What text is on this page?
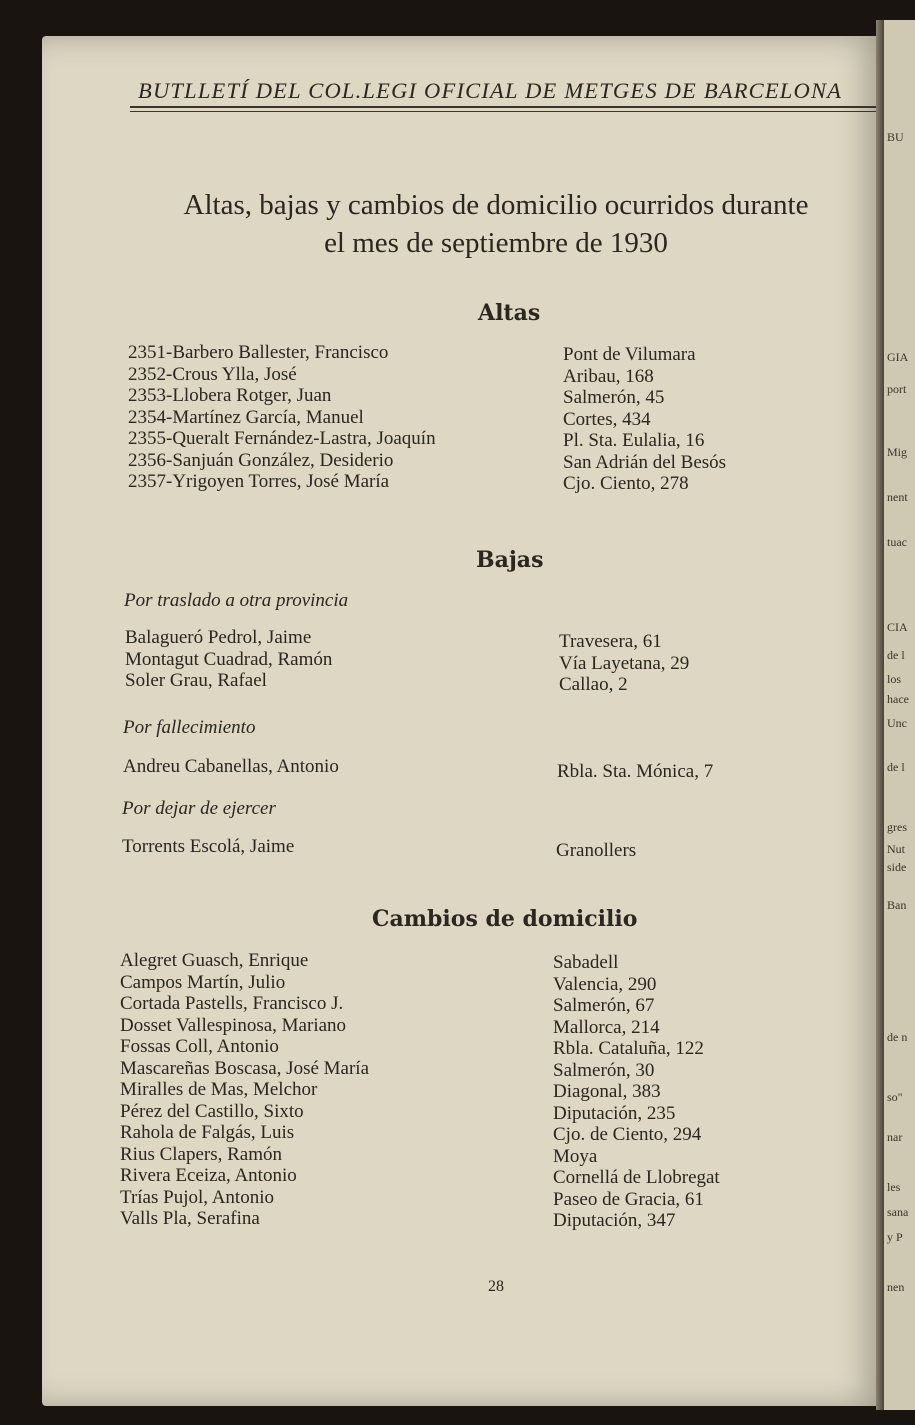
BU
GIA
port
Mig
nent
tuac
CIA
de l
los
hace
Unc
de l
gres
Nut
side
Ban
de n
so"
nar
les
sana
y P
nen
BUTLLETÍ DEL COL.LEGI OFICIAL DE METGES DE BARCELONA
Altas, bajas y cambios de domicilio ocurridos durante
el mes de septiembre de 1930
Altas
2351-Barbero Ballester, Francisco
2352-Crous Ylla, José
2353-Llobera Rotger, Juan
2354-Martínez García, Manuel
2355-Queralt Fernández-Lastra, Joaquín
2356-Sanjuán González, Desiderio
2357-Yrigoyen Torres, José María
Pont de Vilumara
Aribau, 168
Salmerón, 45
Cortes, 434
Pl. Sta. Eulalia, 16
San Adrián del Besós
Cjo. Ciento, 278
Bajas
Por traslado a otra provincia
Balagueró Pedrol, Jaime
Montagut Cuadrad, Ramón
Soler Grau, Rafael
Travesera, 61
Vía Layetana, 29
Callao, 2
Por fallecimiento
Andreu Cabanellas, Antonio	Rbla. Sta. Mónica, 7
Por dejar de ejercer
Torrents Escolá, Jaime	Granollers
Cambios de domicilio
Alegret Guasch, Enrique
Campos Martín, Julio
Cortada Pastells, Francisco J.
Dosset Vallespinosa, Mariano
Fossas Coll, Antonio
Mascareñas Boscasa, José María
Miralles de Mas, Melchor
Pérez del Castillo, Sixto
Rahola de Falgás, Luis
Rius Clapers, Ramón
Rivera Eceiza, Antonio
Trías Pujol, Antonio
Valls Pla, Serafina
Sabadell
Valencia, 290
Salmerón, 67
Mallorca, 214
Rbla. Cataluña, 122
Salmerón, 30
Diagonal, 383
Diputación, 235
Cjo. de Ciento, 294
Moya
Cornellá de Llobregat
Paseo de Gracia, 61
Diputación, 347
28
